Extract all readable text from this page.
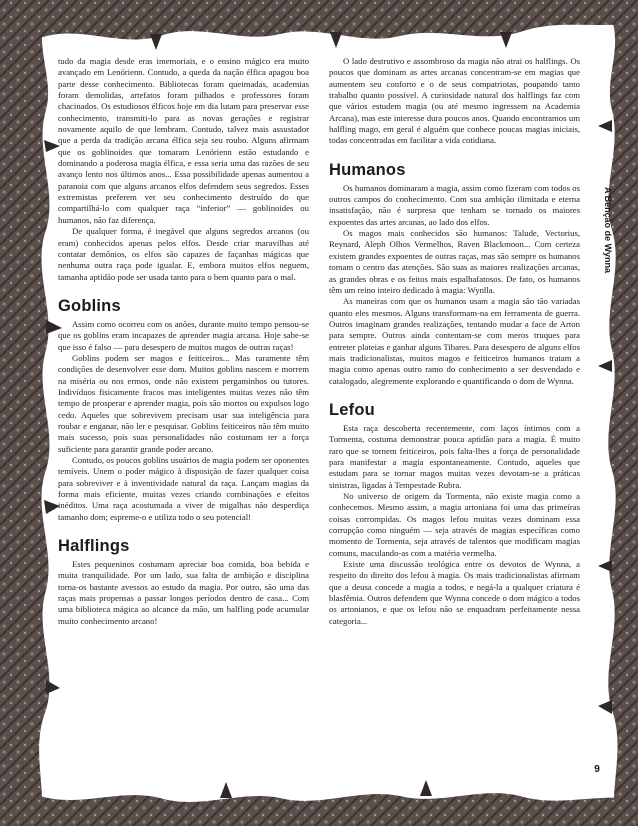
A Bênção de Wynna

tudo da magia desde eras imemoriais, e o ensino mágico era muito avançado em Lenórienn. Contudo, a queda da nação élfica apagou boa parte desse conhecimento. Bibliotecas foram queimadas, academias foram demolidas, artefatos foram pilhados e professores foram chacinados. Os estudiosos élficos hoje em dia lutam para preservar esse conhecimento, transmiti-lo para as novas gerações e registrar novamente aquilo de que lembram. Contudo, talvez mais assustador que a perda da tradição arcana élfica seja seu roubo. Alguns afirmam que os goblinoides que tomaram Lenórienn estão estudando e dominando a poderosa magia élfica, e essa seria uma das razões de seu avanço lento nos últimos anos... Essa possibilidade apenas aumentou a paranoia com que alguns arcanos elfos defendem seus segredos. Esses extremistas preferem ver seu conhecimento destruído do que compartilhá-lo com qualquer raça “inferior” — goblinoides ou humanos, não faz diferença.

De qualquer forma, é inegável que alguns segredos arcanos (ou eram) conhecidos apenas pelos elfos. Desde criar maravilhas até contatar demônios, os elfos são capazes de façanhas mágicas que nenhuma outra raça pode igualar. E, embora muitos elfos neguem, tamanha aptidão pode ser usada tanto para o bem quanto para o mal.

Goblins

Assim como ocorreu com os anões, durante muito tempo pensou-se que os goblins eram incapazes de aprender magia arcana. Hoje sabe-se que isso é falso — para desespero de muitos magos de outras raças!

Goblins podem ser magos e feiticeiros... Mas raramente têm condições de desenvolver esse dom. Muitos goblins nascem e morrem na miséria ou nos ermos, onde não existem pergaminhos ou tutores. Indivíduos fisicamente fracos mas inteligentes muitas vezes não têm tempo de prosperar e aprender magia, pois são mortos ou expulsos logo cedo. Aqueles que sobrevivem precisam usar sua inteligência para roubar e enganar, não ler e pesquisar. Goblins feiticeiros não têm muito mais sucesso, pois suas personalidades não costumam ter a força suficiente para garantir grande poder arcano.

Contudo, os poucos goblins usuários de magia podem ser oponentes temíveis. Unem o poder mágico à disposição de fazer qualquer coisa para sobreviver e à inventividade natural da raça. Lançam magias da forma mais eficiente, muitas vezes criando combinações e efeitos inéditos. Uma raça acostumada a viver de migalhas não desperdiça tamanho dom; espreme-o e utiliza todo o seu potencial!

Halflings

Estes pequeninos costumam apreciar boa comida, boa bebida e muita tranquilidade. Por um lado, sua falta de ambição e disciplina torna-os bastante avessos ao estudo da magia. Por outro, são uma das raças mais propensas a passar longos períodos dentro de casa... Com uma biblioteca mágica ao alcance da mão, um halfling pode acumular muito conhecimento arcano!

O lado destrutivo e assombroso da magia não atrai os halflings. Os poucos que dominam as artes arcanas concentram-se em magias que aumentem seu conforto e o de seus compatriotas, poupando tanto trabalho quanto possível. A curiosidade natural dos halflings faz com que vários estudem magia (ou até mesmo ingressem na Academia Arcana), mas este interesse dura poucos anos. Quando encontramos um halfling mago, em geral é alguém que conhece poucas magias iniciais, todas concentradas em facilitar a vida cotidiana.

Humanos

Os humanos dominaram a magia, assim como fizeram com todos os outros campos do conhecimento. Com sua ambição ilimitada e eterna insatisfação, não é surpresa que tenham se tornado os maiores expoentes das artes arcanas, ao lado dos elfos.

Os magos mais conhecidos são humanos: Talude, Vectorius, Reynard, Aleph Olhos Vermelhos, Raven Blackmoon... Com certeza existem grandes expoentes de outras raças, mas são sempre os humanos tomam o centro das atenções. São suas as maiores realizações arcanas, as grandes obras e os feitos mais espalhafatosos. De fato, os humanos têm um reino inteiro dedicado à magia: Wynlla.

As maneiras com que os humanos usam a magia são tão variadas quanto eles mesmos. Alguns transformam-na em ferramenta de guerra. Outros imaginam grandes realizações, tentando mudar a face de Arton para sempre. Outros ainda contentam-se com meros truques para entreter plateias e ganhar alguns Tibares. Para desespero de alguns elfos mais tradicionalistas, muitos magos e feiticeiros humanos tratam a magia como apenas outro ramo do conhecimento a ser desvendado e catalogado, alegremente explorando e quantificando o dom de Wynna.

Lefou

Esta raça descoberta recentemente, com laços íntimos com a Tormenta, costuma demonstrar pouca aptidão para a magia. É muito raro que se tornem feiticeiros, pois falta-lhes a força de personalidade para manifestar a magia espontaneamente. Contudo, aqueles que estudam para se tornar magos muitas vezes devotam-se a práticas sinistras, ligadas à Tempestade Rubra.

No universo de origem da Tormenta, não existe magia como a conhecemos. Mesmo assim, a magia artoniana foi uma das primeiras coisas corrompidas. Os magos lefou muitas vezes dominam essa corrupção como ninguém — seja através de magias específicas como momento de Tormenta, seja através de talentos que modificam magias comuns, maculando-as com a matéria vermelha.

Existe uma discussão teológica entre os devotos de Wynna, a respeito do direito dos lefou à magia. Os mais tradicionalistas afirmam que a deusa concede a magia a todos, e negá-la a qualquer criatura é blasfêmia. Outros defendem que Wynna concede o dom mágico a todos os artonianos, e que os lefou não se enquadram perfeitamente nessa categoria...

9
